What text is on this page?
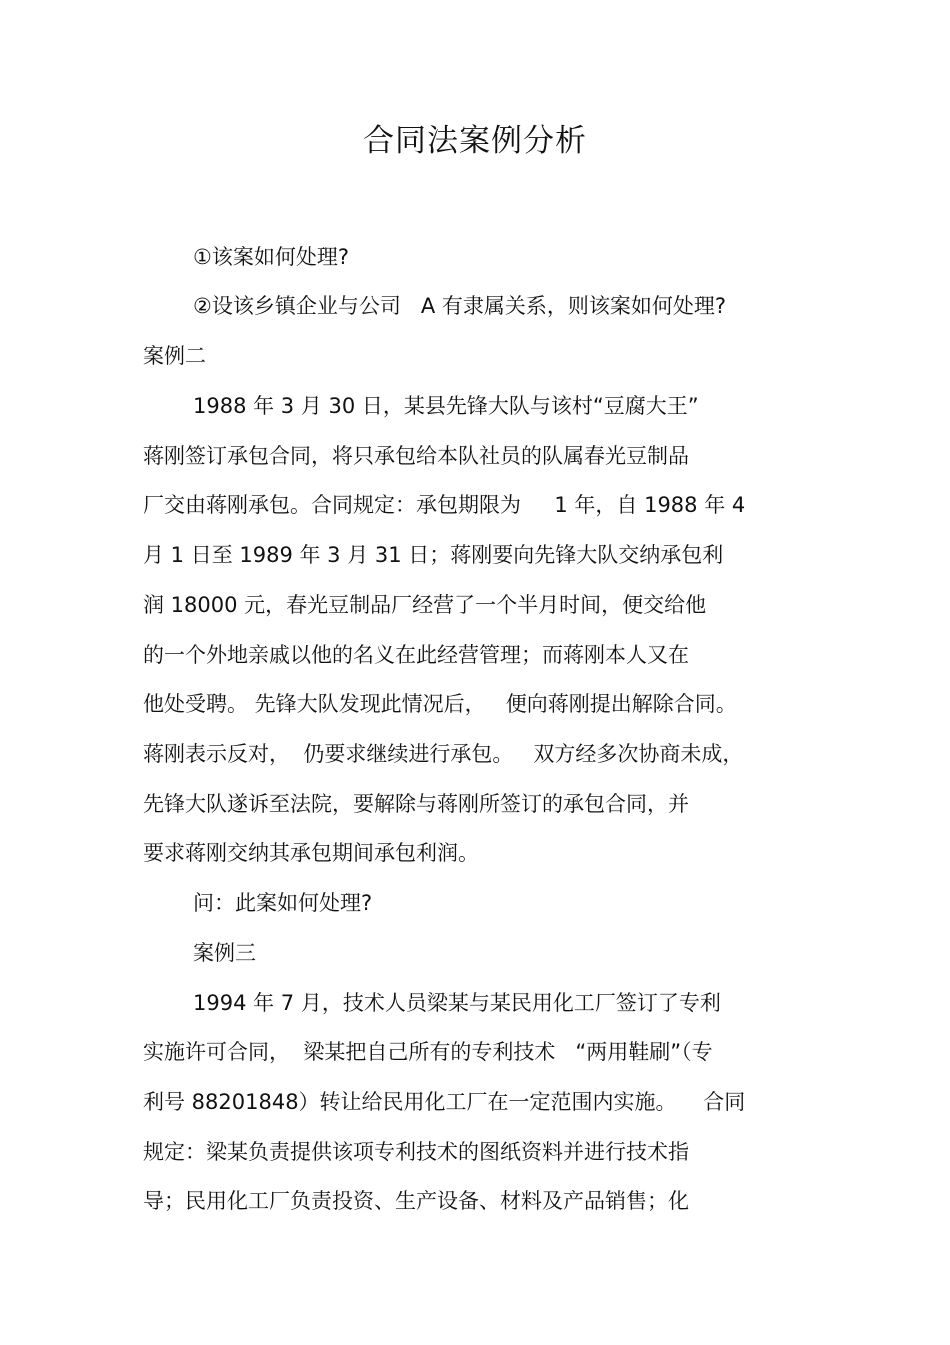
合同法案例分析
①该案如何处理?
②设该乡镇企业与公司   A 有隶属关系，则该案如何处理?
案例二
1988 年 3 月 30 日，某县先锋大队与该村“豆腐大王”
蒋刚签订承包合同，将只承包给本队社员的队属春光豆制品
厂交由蒋刚承包。合同规定：承包期限为     1 年，自 1988 年 4
月 1 日至 1989 年 3 月 31 日；蒋刚要向先锋大队交纳承包利
润 18000 元，春光豆制品厂经营了一个半月时间，便交给他
的一个外地亲戚以他的名义在此经营管理；而蒋刚本人又在
他处受聘。 先锋大队发现此情况后，   便向蒋刚提出解除合同。
蒋刚表示反对，  仍要求继续进行承包。   双方经多次协商未成，
先锋大队遂诉至法院，要解除与蒋刚所签订的承包合同，并
要求蒋刚交纳其承包期间承包利润。
问：此案如何处理?
案例三
1994 年 7 月，技术人员梁某与某民用化工厂签订了专利
实施许可合同，  梁某把自己所有的专利技术   “两用鞋刷”（专
利号 88201848）转让给民用化工厂在一定范围内实施。    合同
规定：梁某负责提供该项专利技术的图纸资料并进行技术指
导；民用化工厂负责投资、生产设备、材料及产品销售；化
